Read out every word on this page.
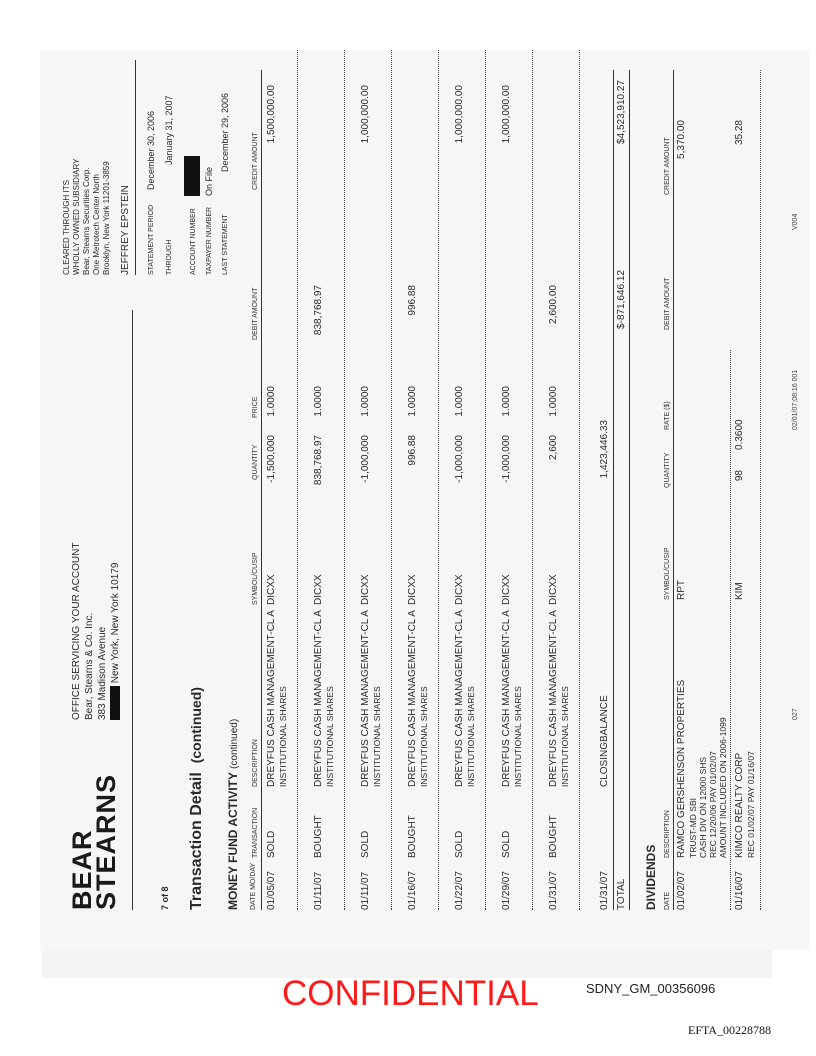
BEAR
STEARNS
OFFICE SERVICING YOUR ACCOUNT Bear, Stearns & Co. Inc. 383 Madison Avenue New York, New York 10179
7 of 8 Transaction Detail  (continued)
CLEARED THROUGH ITS WHOLLY OWNED SUBSIDIARY Bear, Stearns Securities Corp. One Metrotech Center North Brooklyn, New York 11201-3859 JEFFREY EPSTEIN STATEMENT PERIOD
December 30, 2006
THROUGH
January 31, 2007
ACCOUNT NUMBER TAXPAYER NUMBER
On File
LAST STATEMENT
December 29, 2006
MONEY FUND ACTIVITY (continued)
DATE MO/DAY
TRANSACTION
DESCRIPTION
SYMBOL/CUSIP
QUANTITY
PRICE
DEBIT AMOUNT
CREDIT AMOUNT
01/05/07
SOLD
DREYFUS CASH MANAGEMENT-CL A INSTITUTIONAL SHARES
DICXX
-1,500,000
1.0000
1,500,000.00
01/11/07
BOUGHT
DREYFUS CASH MANAGEMENT-CL A INSTITUTIONAL SHARES
DICXX
838,768.97
1.0000
838,768.97
01/11/07
SOLD
DREYFUS CASH MANAGEMENT-CL A INSTITUTIONAL SHARES
DICXX
-1,000,000
1.0000
1,000,000.00
01/16/07
BOUGHT
DREYFUS CASH MANAGEMENT-CL A INSTITUTIONAL SHARES
DICXX
996.88
1.0000
996.88
01/22/07
SOLD
DREYFUS CASH MANAGEMENT-CL A INSTITUTIONAL SHARES
DICXX
-1,000,000
1.0000
1,000,000.00
01/29/07
SOLD
DREYFUS CASH MANAGEMENT-CL A INSTITUTIONAL SHARES
DICXX
-1,000,000
1.0000
1,000,000.00
01/31/07
BOUGHT
DREYFUS CASH MANAGEMENT-CL A INSTITUTIONAL SHARES
DICXX
2,600
1.0000
2,600.00
01/31/07
CLOSINGBALANCE
1,423,446.33
TOTAL
$-871,646.12
$4,523,910.27
DIVIDENDS DATE
DESCRIPTION
SYMBOL/CUSIP
QUANTITY
RATE ($)
DEBIT AMOUNT
CREDIT AMOUNT
01/02/07
RAMCO GERSHENSON PROPERTIES TRUST-MD SBI CASH DIV ON 12000 SHS REC 12/20/06 PAY 01/02/07 AMOUNT INCLUDED ON 2006-1099
RPT
5,370.00
01/16/07
KIMCO REALTY CORP REC 01/02/07 PAY 01/16/07
KIM
98
0.3600
35.28
027
02/01/07;08:16 001
V004
CONFIDENTIAL	SDNY_GM_00356096
EFTA_00228788
